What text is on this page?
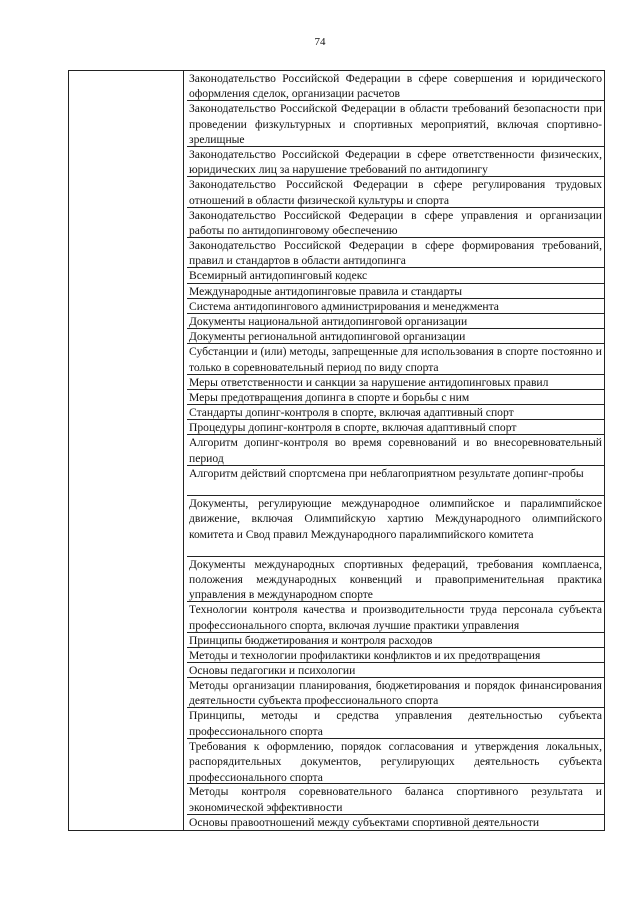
74
Законодательство Российской Федерации в сфере совершения и юридического оформления сделок, организации расчетов
Законодательство Российской Федерации в области требований безопасности при проведении физкультурных и спортивных мероприятий, включая спортивно-зрелищные
Законодательство Российской Федерации в сфере ответственности физических, юридических лиц за нарушение требований по антидопингу
Законодательство Российской Федерации в сфере регулирования трудовых отношений в области физической культуры и спорта
Законодательство Российской Федерации в сфере управления и организации работы по антидопинговому обеспечению
Законодательство Российской Федерации в сфере формирования требований, правил и стандартов в области антидопинга
Всемирный антидопинговый кодекс
Международные антидопинговые правила и стандарты
Система антидопингового администрирования и менеджмента
Документы национальной антидопинговой организации
Документы региональной антидопинговой организации
Субстанции и (или) методы, запрещенные для использования в спорте постоянно и только в соревновательный период по виду спорта
Меры ответственности и санкции за нарушение антидопинговых правил
Меры предотвращения допинга в спорте и борьбы с ним
Стандарты допинг-контроля в спорте, включая адаптивный спорт
Процедуры допинг-контроля в спорте, включая адаптивный спорт
Алгоритм допинг-контроля во время соревнований и во внесоревновательный период
Алгоритм действий спортсмена при неблагоприятном результате допинг-пробы
Документы, регулирующие международное олимпийское и паралимпийское движение, включая Олимпийскую хартию Международного олимпийского комитета и Свод правил Международного паралимпийского комитета
Документы международных спортивных федераций, требования комплаенса, положения международных конвенций и правоприменительная практика управления в международном спорте
Технологии контроля качества и производительности труда персонала субъекта профессионального спорта, включая лучшие практики управления
Принципы бюджетирования и контроля расходов
Методы и технологии профилактики конфликтов и их предотвращения
Основы педагогики и психологии
Методы организации планирования, бюджетирования и порядок финансирования деятельности субъекта профессионального спорта
Принципы, методы и средства управления деятельностью субъекта профессионального спорта
Требования к оформлению, порядок согласования и утверждения локальных, распорядительных документов, регулирующих деятельность субъекта профессионального спорта
Методы контроля соревновательного баланса спортивного результата и экономической эффективности
Основы правоотношений между субъектами спортивной деятельности
